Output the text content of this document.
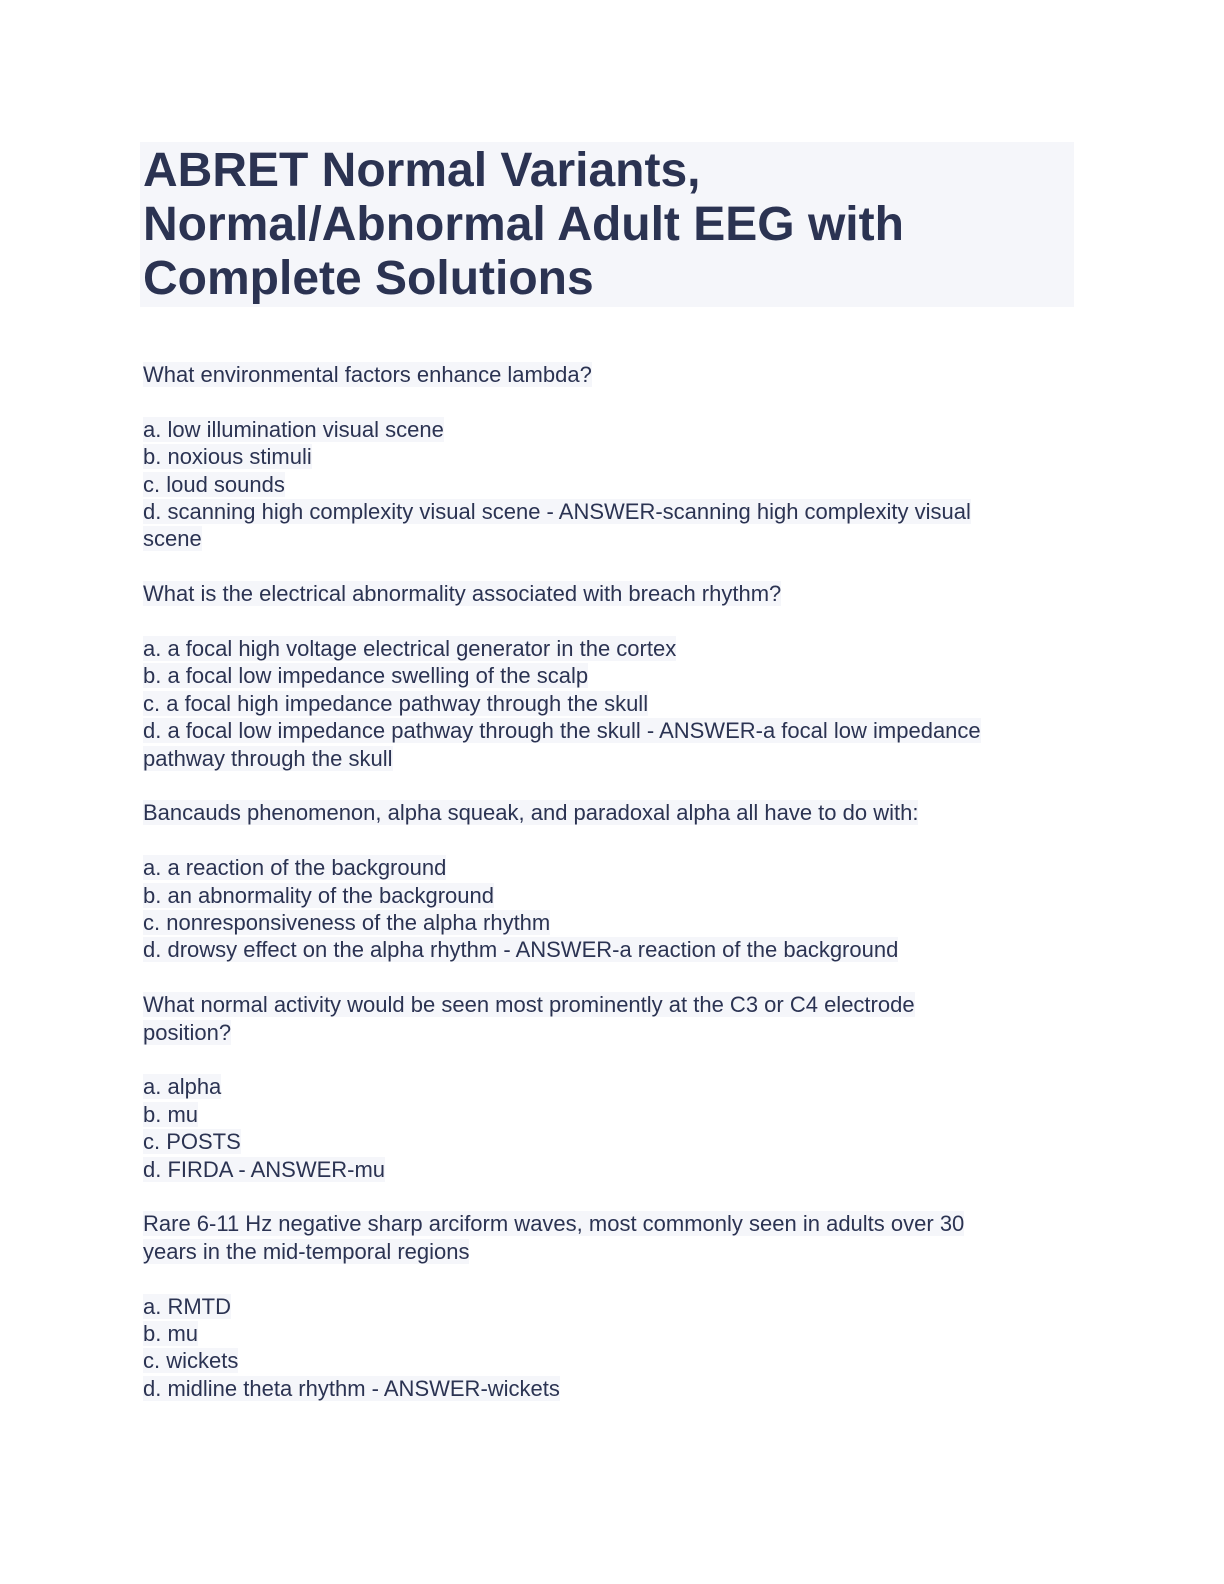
ABRET Normal Variants, Normal/Abnormal Adult EEG with Complete Solutions
What environmental factors enhance lambda?
a. low illumination visual scene
b. noxious stimuli
c. loud sounds
d. scanning high complexity visual scene - ANSWER-scanning high complexity visual
scene
What is the electrical abnormality associated with breach rhythm?
a. a focal high voltage electrical generator in the cortex
b. a focal low impedance swelling of the scalp
c. a focal high impedance pathway through the skull
d. a focal low impedance pathway through the skull - ANSWER-a focal low impedance
pathway through the skull
Bancauds phenomenon, alpha squeak, and paradoxal alpha all have to do with:
a. a reaction of the background
b. an abnormality of the background
c. nonresponsiveness of the alpha rhythm
d. drowsy effect on the alpha rhythm - ANSWER-a reaction of the background
What normal activity would be seen most prominently at the C3 or C4 electrode
position?
a. alpha
b. mu
c. POSTS
d. FIRDA - ANSWER-mu
Rare 6-11 Hz negative sharp arciform waves, most commonly seen in adults over 30
years in the mid-temporal regions
a. RMTD
b. mu
c. wickets
d. midline theta rhythm - ANSWER-wickets
